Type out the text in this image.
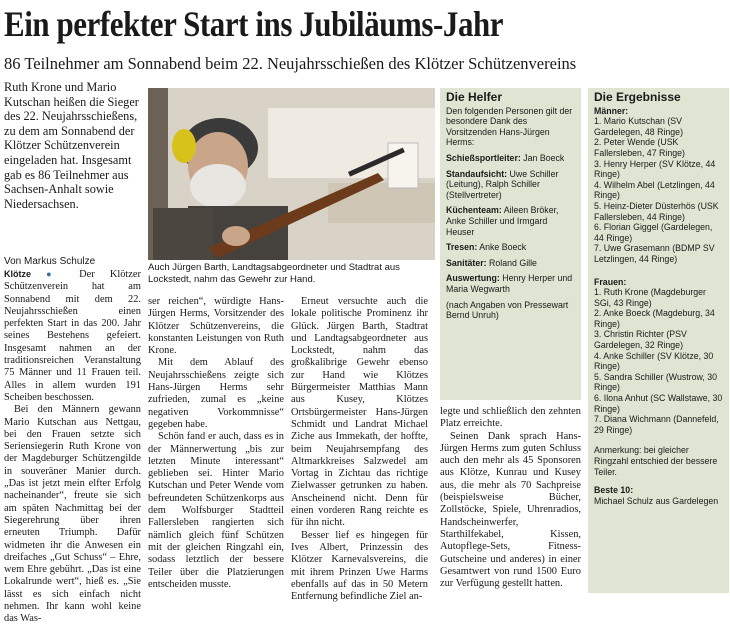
Ein perfekter Start ins Jubiläums-Jahr
86 Teilnehmer am Sonnabend beim 22. Neujahrsschießen des Klötzer Schützenvereins
Ruth Krone und Mario Kutschan heißen die Sieger des 22. Neujahrsschießens, zu dem am Sonnabend der Klötzer Schützenverein eingeladen hat. Insgesamt gab es 86 Teilnehmer aus Sachsen-Anhalt sowie Niedersachsen.
Auch Jürgen Barth, Landtagsabgeordneter und Stadtrat aus Lockstedt, nahm das Gewehr zur Hand.
Von Markus Schulze

Klötze ● Der Klötzer Schützenverein hat am Sonnabend mit dem 22. Neujahrsschießen einen perfekten Start in das 200. Jahr seines Bestehens gefeiert. Insgesamt nahmen an der traditionsreichen Veranstaltung 75 Männer und 11 Frauen teil. Alles in allem wurden 191 Scheiben beschossen.

Bei den Männern gewann Mario Kutschan aus Nettgau, bei den Frauen setzte sich Seriensiegerin Ruth Krone von der Magdeburger Schützengilde in souveräner Manier durch. „Das ist jetzt mein elfter Erfolg nacheinander“, freute sie sich am späten Nachmittag bei der Siegerehrung über ihren erneuten Triumph. Dafür widmeten ihr die Anwesen ein dreifaches „Gut Schuss“ – Ehre, wem Ehre gebührt. „Das ist eine Lokalrunde wert“, hieß es. „Sie lässt es sich einfach nicht nehmen. Ihr kann wohl keine das Was-

ser reichen“, würdigte Hans-Jürgen Herms, Vorsitzender des Klötzer Schützenvereins, die konstanten Leistungen von Ruth Krone.

Mit dem Ablauf des Neujahrsschießens zeigte sich Hans-Jürgen Herms sehr zufrieden, zumal es „keine negativen Vorkommnisse“ gegeben habe.

Schön fand er auch, dass es in der Männerwertung „bis zur letzten Minute interessant“ geblieben sei. Hinter Mario Kutschan und Peter Wende vom befreundeten Schützenkorps aus dem Wolfsburger Stadtteil Fallersleben rangierten sich nämlich gleich fünf Schützen mit der gleichen Ringzahl ein, sodass letztlich der bessere Teiler über die Platzierungen entscheiden musste.

Erneut versuchte auch die lokale politische Prominenz ihr Glück. Jürgen Barth, Stadtrat und Landtagsabgeordneter aus Lockstedt, nahm das großkalibrige Gewehr ebenso zur Hand wie Klötzes Bürgermeister Matthias Mann aus Kusey, Klötzes Ortsbürgermeister Hans-Jürgen Schmidt und Landrat Michael Ziche aus Immekath, der hoffte, beim Neujahrsempfang des Altmarkkreises Salzwedel am Vortag in Zichtau das richtige Zielwasser getrunken zu haben. Anscheinend nicht. Denn für einen vorderen Rang reichte es für ihn nicht.

Besser lief es hingegen für Ives Albert, Prinzessin des Klötzer Karnevalsvereins, die mit ihrem Prinzen Uwe Harms ebenfalls auf das in 50 Metern Entfernung befindliche Ziel an-

legte und schließlich den zehnten Platz erreichte.

Seinen Dank sprach Hans-Jürgen Herms zum guten Schluss auch den mehr als 45 Sponsoren aus Klötze, Kunrau und Kusey aus, die mehr als 70 Sachpreise (beispielsweise Bücher, Zollstöcke, Spiele, Uhrenradios, Handscheinwerfer, Starthilfekabel, Kissen, Autopflege-Sets, Fitness-Gutscheine und anderes) in einer Gesamtwert von rund 1500 Euro zur Verfügung gestellt hatten.

Die Helfer
Den folgenden Personen gilt der besondere Dank des Vorsitzenden Hans-Jürgen Herms:
Schießsportleiter: Jan Boeck
Standaufsicht: Uwe Schiller (Leitung), Ralph Schiller (Stellvertreter)
Küchenteam: Aileen Bröker, Anke Schiller und Irmgard Heuser
Tresen: Anke Boeck
Sanitäter: Roland Gille
Auswertung: Henry Herper und Maria Wegwarth
(nach Angaben von Pressewart Bernd Unruh)
Die Ergebnisse
Männer:
1. Mario Kutschan (SV Gardelegen, 48 Ringe)
2. Peter Wende (USK Fallersleben, 47 Ringe)
3. Henry Herper (SV Klötze, 44 Ringe)
4. Wilhelm Abel (Letzlingen, 44 Ringe)
5. Heinz-Dieter Düsterhös (USK Fallersleben, 44 Ringe)
6. Florian Giggel (Gardelegen, 44 Ringe)
7. Uwe Grasemann (BDMP SV Letzlingen, 44 Ringe)
Frauen:
1. Ruth Krone (Magdeburger SGi, 43 Ringe)
2. Anke Boeck (Magdeburg, 34 Ringe)
3. Christin Richter (PSV Gardelegen, 32 Ringe)
4. Anke Schiller (SV Klötze, 30 Ringe)
5. Sandra Schiller (Wustrow, 30 Ringe)
6. Ilona Anhut (SC Wallstawe, 30 Ringe)
7. Diana Wichmann (Dannefeld, 29 Ringe)
Anmerkung: bei gleicher Ringzahl entschied der bessere Teiler.
Beste 10:
Michael Schulz aus Gardelegen
